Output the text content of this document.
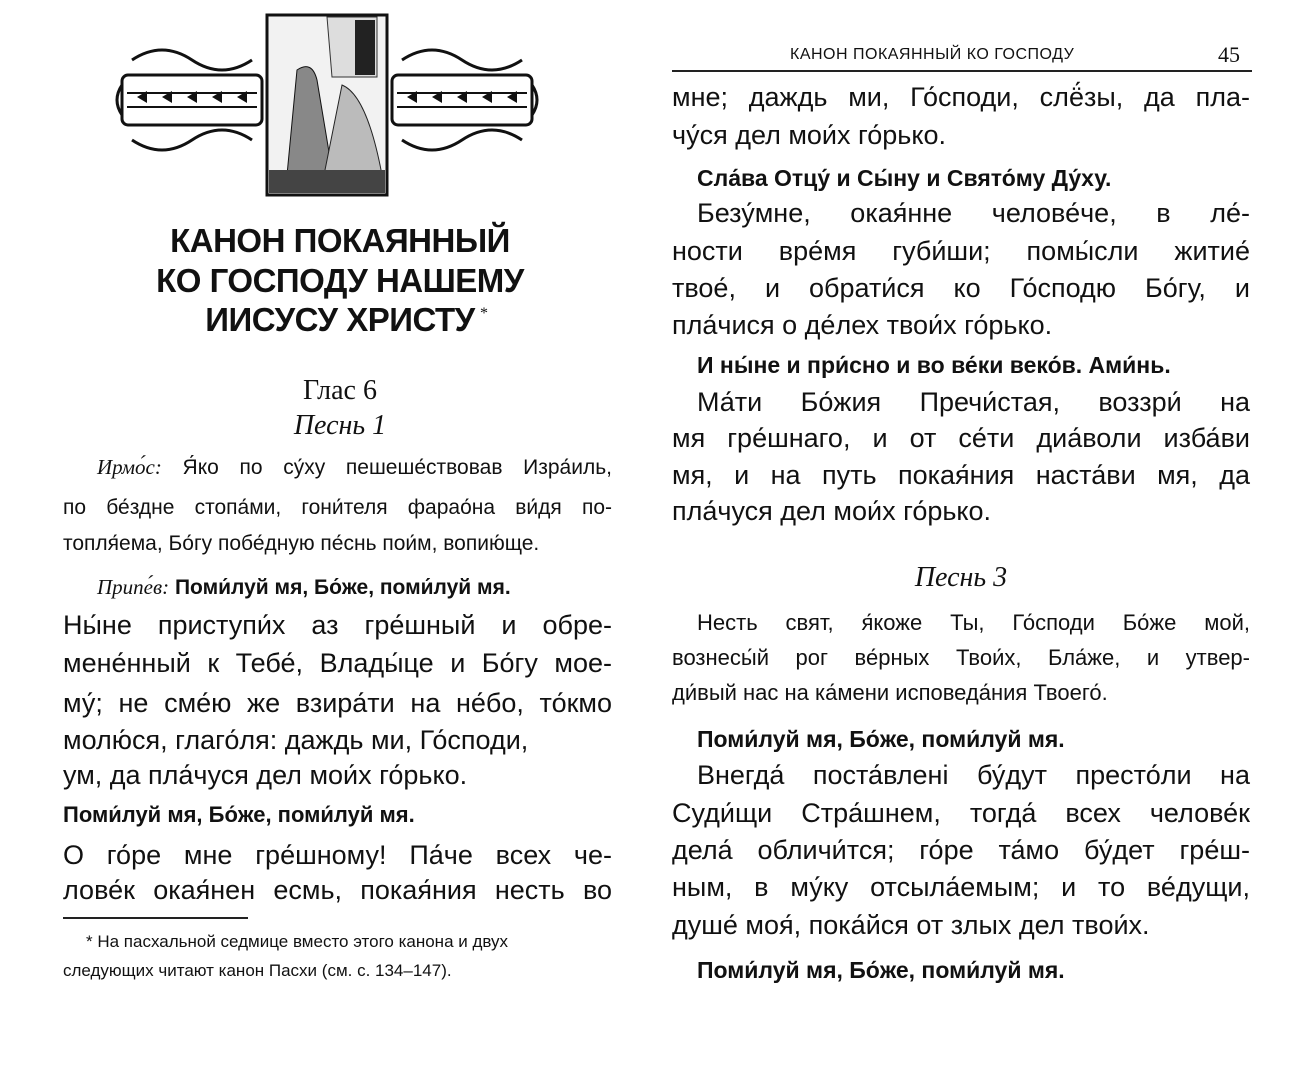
КАНОН ПОКАЯННЫЙ
КО ГОСПОДУ НАШЕМУ
ИИСУСУ ХРИСТУ *
Глас 6
Песнь 1
Ирмо́с: Я́ко по су́ху пешеше́ствовав Изра́иль,
по бе́здне стопа́ми, гони́теля фарао́на ви́дя по-
топля́ема, Бо́гу побе́дную пе́снь пои́м, вопию́ще.
Припе́в: Поми́луй мя, Бо́же, поми́луй мя.
Ны́не приступи́х аз гре́шный и обре-
мене́нный к Тебе́, Влады́це и Бо́гу мое-
му́; не сме́ю же взира́ти на не́бо, то́кмо
молю́ся, глаго́ля: даждь ми, Го́споди,
ум, да пла́чуся дел мои́х го́рько.
Поми́луй мя, Бо́же, поми́луй мя.
О го́ре мне гре́шному! Па́че всех че-
лове́к окая́нен есмь, покая́ния несть во
* На пасхальной седмице вместо этого канона и двух
следующих читают канон Пасхи (см. с. 134–147).
КАНОН ПОКАЯННЫЙ КО ГОСПОДУ	45
мне; даждь ми, Го́споди, слё́зы, да пла-
чу́ся дел мои́х го́рько.
Сла́ва Отцу́ и Сы́ну и Свято́му Ду́ху.
Безу́мне, окая́нне челове́че, в ле́-
ности вре́мя губи́ши; помы́сли житие́
твое́, и обрати́ся ко Го́сподю Бо́гу, и
пла́чися о де́лех твои́х го́рько.
И ны́не и при́сно и во ве́ки веко́в. Ами́нь.
Ма́ти Бо́жия Пречи́стая, воззри́ на
мя гре́шнаго, и от се́ти диа́воли изба́ви
мя, и на путь покая́ния наста́ви мя, да
пла́чуся дел мои́х го́рько.
Песнь 3
Несть свят, я́коже Ты, Го́споди Бо́же мой,
вознесы́й рог ве́рных Твои́х, Бла́же, и утвер-
ди́вый нас на ка́мени исповеда́ния Твоего́.
Поми́луй мя, Бо́же, поми́луй мя.
Внегда́ поста́вленi бу́дут престо́ли на
Суди́щи Стра́шнем, тогда́ всех челове́к
дела́ обличи́тся; го́ре та́мо бу́дет гре́ш-
ным, в му́ку отсыла́емым; и то ве́дущи,
душе́ моя́, пока́йся от злых дел твои́х.
Поми́луй мя, Бо́же, поми́луй мя.
